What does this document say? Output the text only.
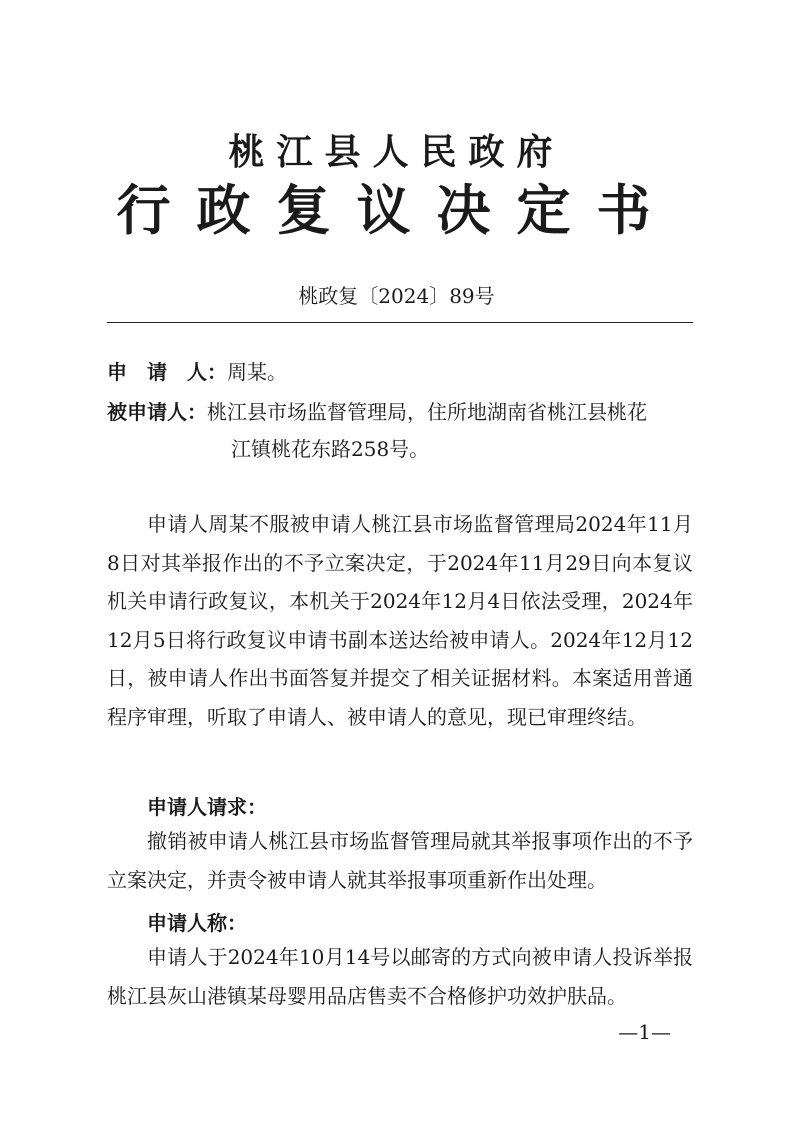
桃江县人民政府
行政复议决定书
桃政复〔2024〕89号
申　请　人：周某。
被申请人：桃江县市场监督管理局，住所地湖南省桃江县桃花
江镇桃花东路258号。
申请人周某不服被申请人桃江县市场监督管理局2024年11月8日对其举报作出的不予立案决定，于2024年11月29日向本复议机关申请行政复议，本机关于2024年12月4日依法受理，2024年12月5日将行政复议申请书副本送达给被申请人。2024年12月12日，被申请人作出书面答复并提交了相关证据材料。本案适用普通程序审理，听取了申请人、被申请人的意见，现已审理终结。
申请人请求：
撤销被申请人桃江县市场监督管理局就其举报事项作出的不予立案决定，并责令被申请人就其举报事项重新作出处理。
申请人称：
申请人于2024年10月14号以邮寄的方式向被申请人投诉举报桃江县灰山港镇某母婴用品店售卖不合格修护功效护肤品。
—1—
